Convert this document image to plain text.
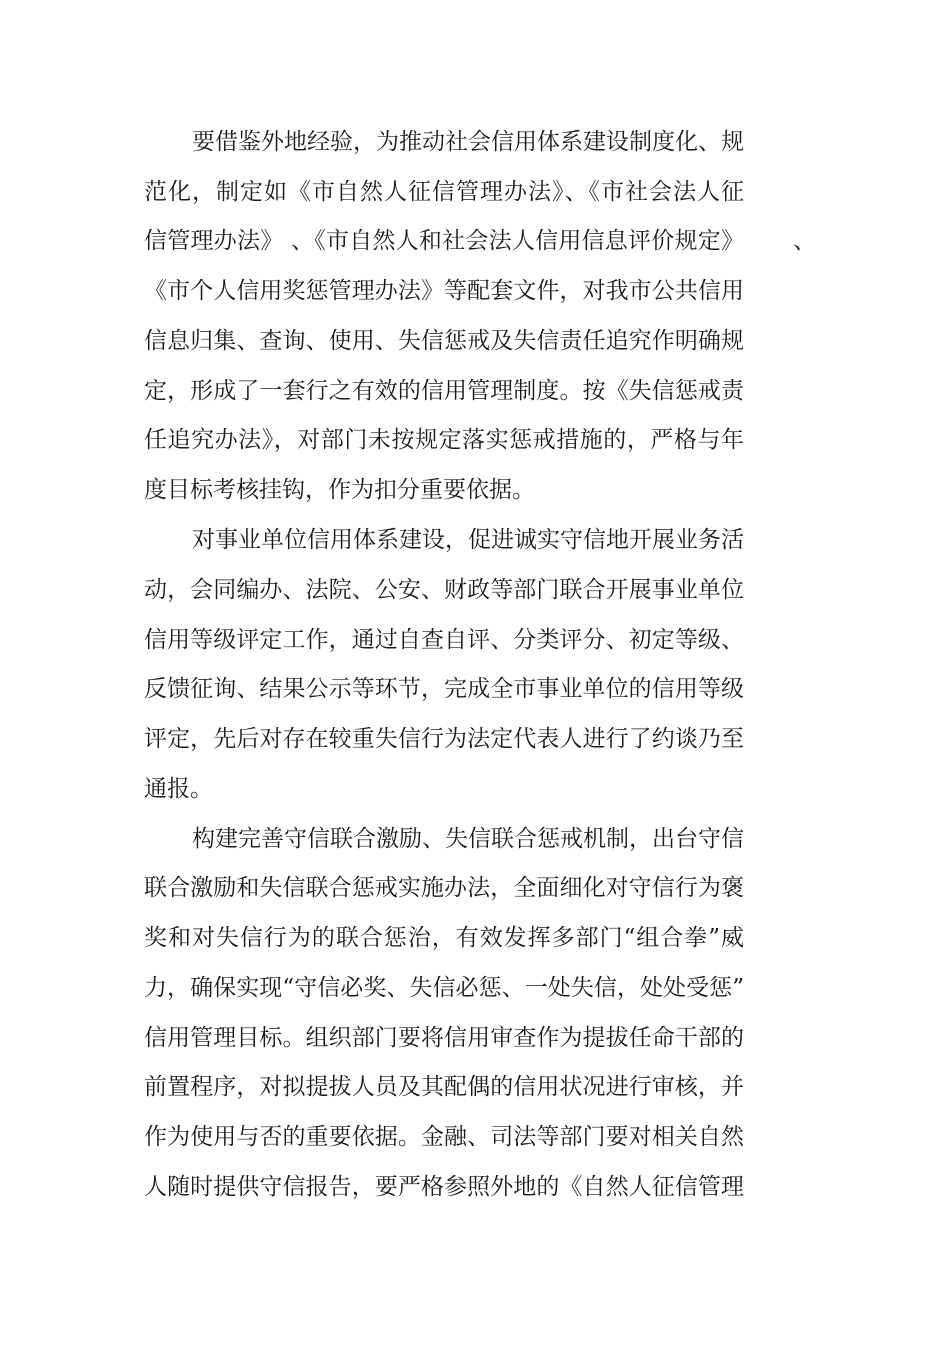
要借鉴外地经验，为推动社会信用体系建设制度化、规
范化，制定如《市自然人征信管理办法》、《市社会法人征
信管理办法》 、《市自然人和社会法人信用信息评价规定》 、
《市个人信用奖惩管理办法》等配套文件，对我市公共信用
信息归集、查询、使用、失信惩戒及失信责任追究作明确规
定，形成了一套行之有效的信用管理制度。按《失信惩戒责
任追究办法》，对部门未按规定落实惩戒措施的，严格与年
度目标考核挂钩，作为扣分重要依据。
对事业单位信用体系建设，促进诚实守信地开展业务活
动，会同编办、法院、公安、财政等部门联合开展事业单位
信用等级评定工作，通过自查自评、分类评分、初定等级、
反馈征询、结果公示等环节，完成全市事业单位的信用等级
评定，先后对存在较重失信行为法定代表人进行了约谈乃至
通报。
构建完善守信联合激励、失信联合惩戒机制，出台守信
联合激励和失信联合惩戒实施办法，全面细化对守信行为褒
奖和对失信行为的联合惩治，有效发挥多部门“组合拳”威
力，确保实现“守信必奖、失信必惩、一处失信，处处受惩”
信用管理目标。组织部门要将信用审查作为提拔任命干部的
前置程序，对拟提拔人员及其配偶的信用状况进行审核，并
作为使用与否的重要依据。金融、司法等部门要对相关自然
人随时提供守信报告，要严格参照外地的《自然人征信管理
